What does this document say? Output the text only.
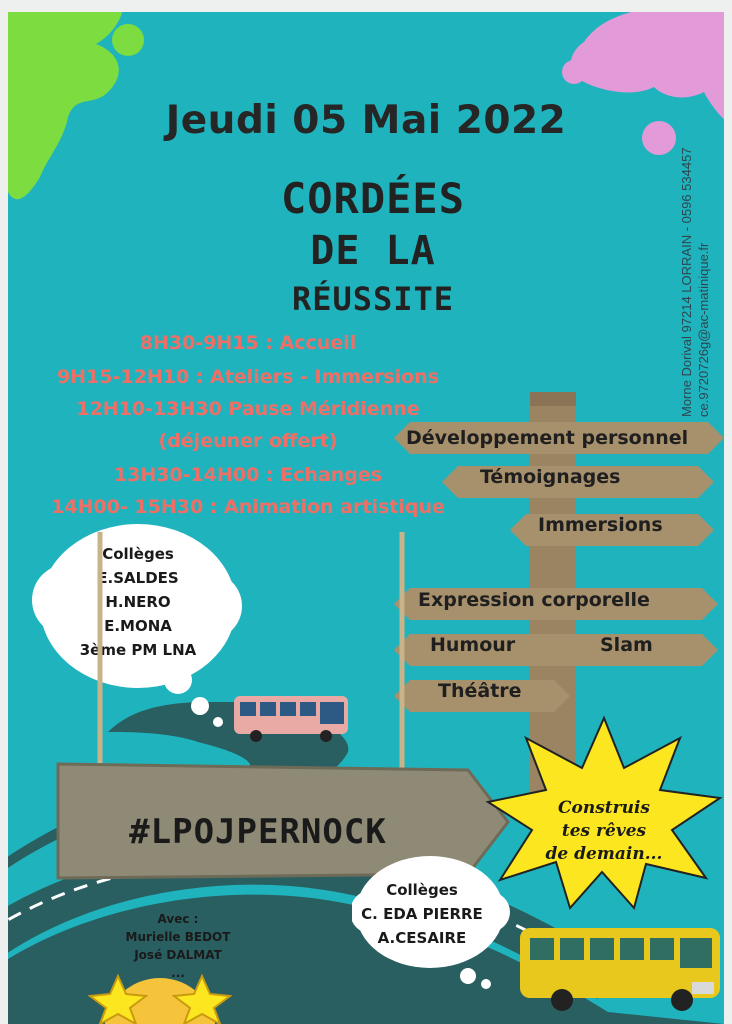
Jeudi 05 Mai 2022
CORDÉES
DE LA
RÉUSSITE	Morne Dorival 97214 LORRAIN - 0596 534457 ce.9720726g@ac-matinique.fr
8H30-9H15 : Accueil
9H15-12H10 : Ateliers - Immersions
12H10-13H30 Pause Méridienne
(déjeuner offert)
13H30-14H00 : Echanges
14H00- 15H30 : Animation artistique
Développement personnel
Témoignages
Immersions
Expression corporelle
Humour	Slam
Théâtre
Collèges
E.SALDES
H.NERO
E.MONA
3ème PM LNA
#LPOJPERNOCK
Construis
tes rêves
de demain...
Collèges
C. EDA PIERRE
A.CESAIRE
Avec :
Murielle BEDOT
José DALMAT
...
